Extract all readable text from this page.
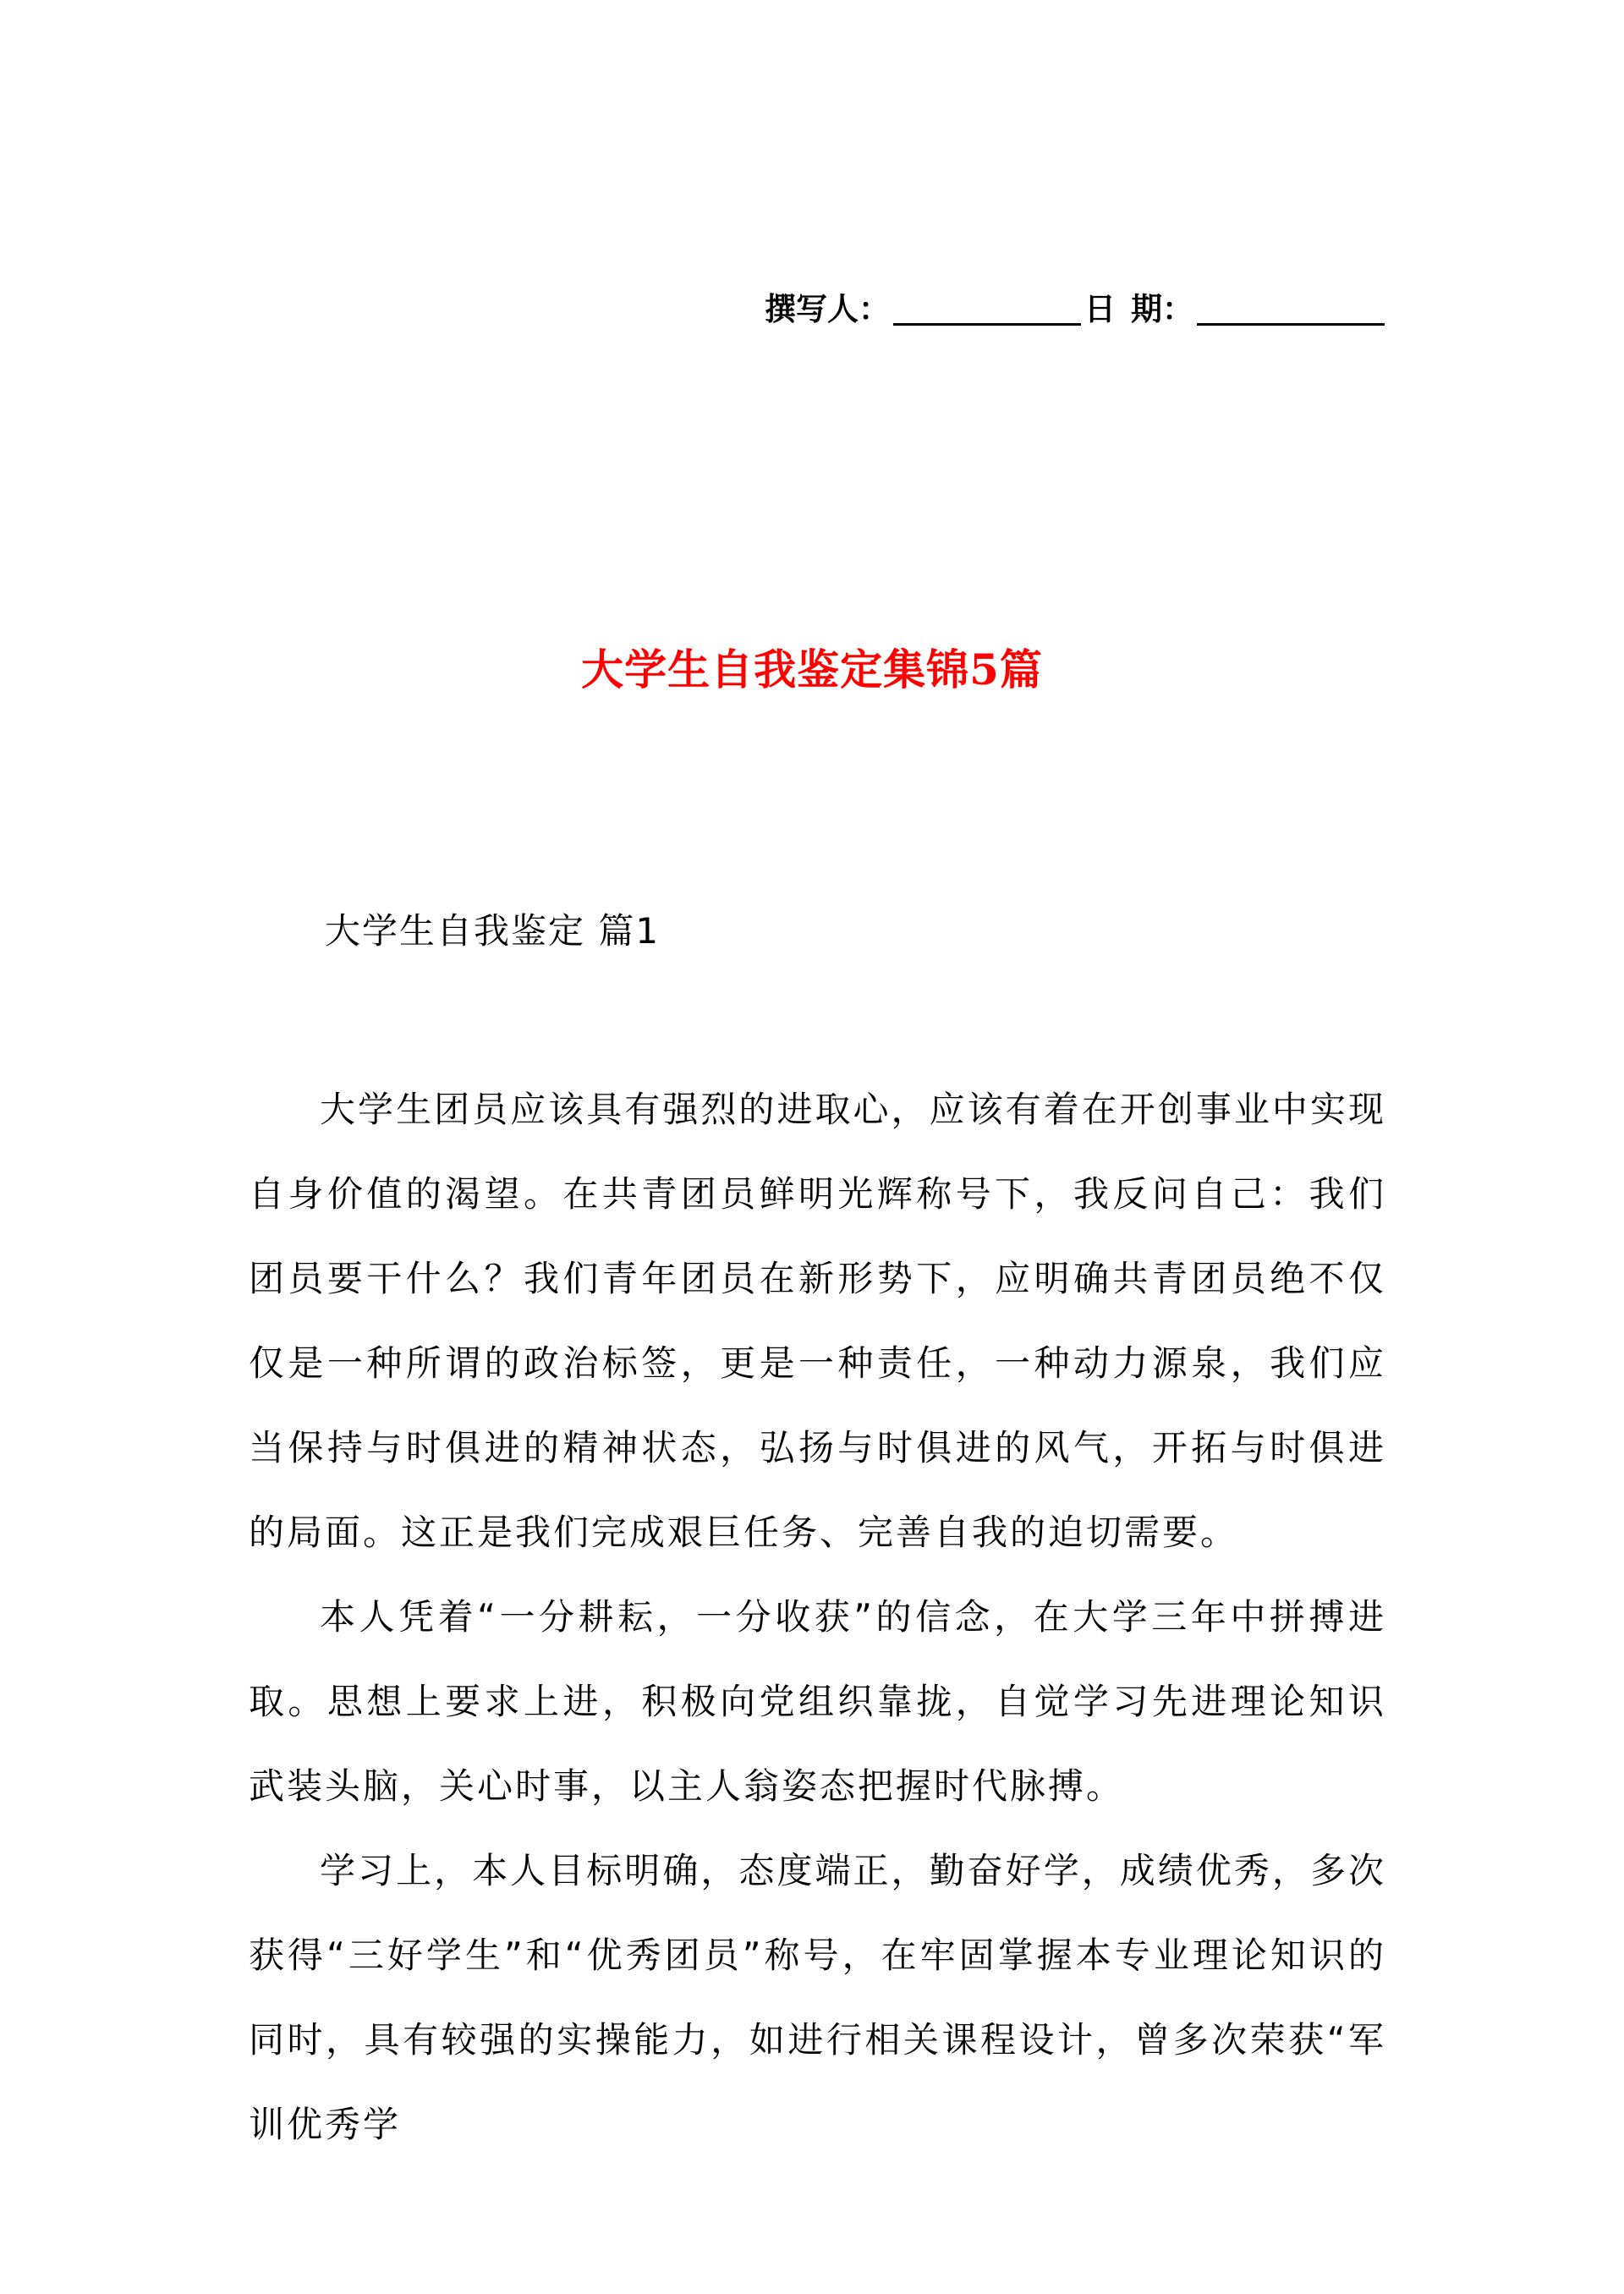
撰写人：	日 期：
大学生自我鉴定集锦5篇
大学生自我鉴定 篇1

大学生团员应该具有强烈的进取心，应该有着在开创事业中实现自身价值的渴望。在共青团员鲜明光辉称号下，我反问自己：我们团员要干什么？我们青年团员在新形势下，应明确共青团员绝不仅仅是一种所谓的政治标签，更是一种责任，一种动力源泉，我们应当保持与时俱进的精神状态，弘扬与时俱进的风气，开拓与时俱进的局面。这正是我们完成艰巨任务、完善自我的迫切需要。

本人凭着“一分耕耘，一分收获”的信念，在大学三年中拼搏进取。思想上要求上进，积极向党组织靠拢，自觉学习先进理论知识武装头脑，关心时事，以主人翁姿态把握时代脉搏。

学习上，本人目标明确，态度端正，勤奋好学，成绩优秀，多次获得“三好学生”和“优秀团员”称号，在牢固掌握本专业理论知识的同时，具有较强的实操能力，如进行相关课程设计，曾多次荣获“军训优秀学
